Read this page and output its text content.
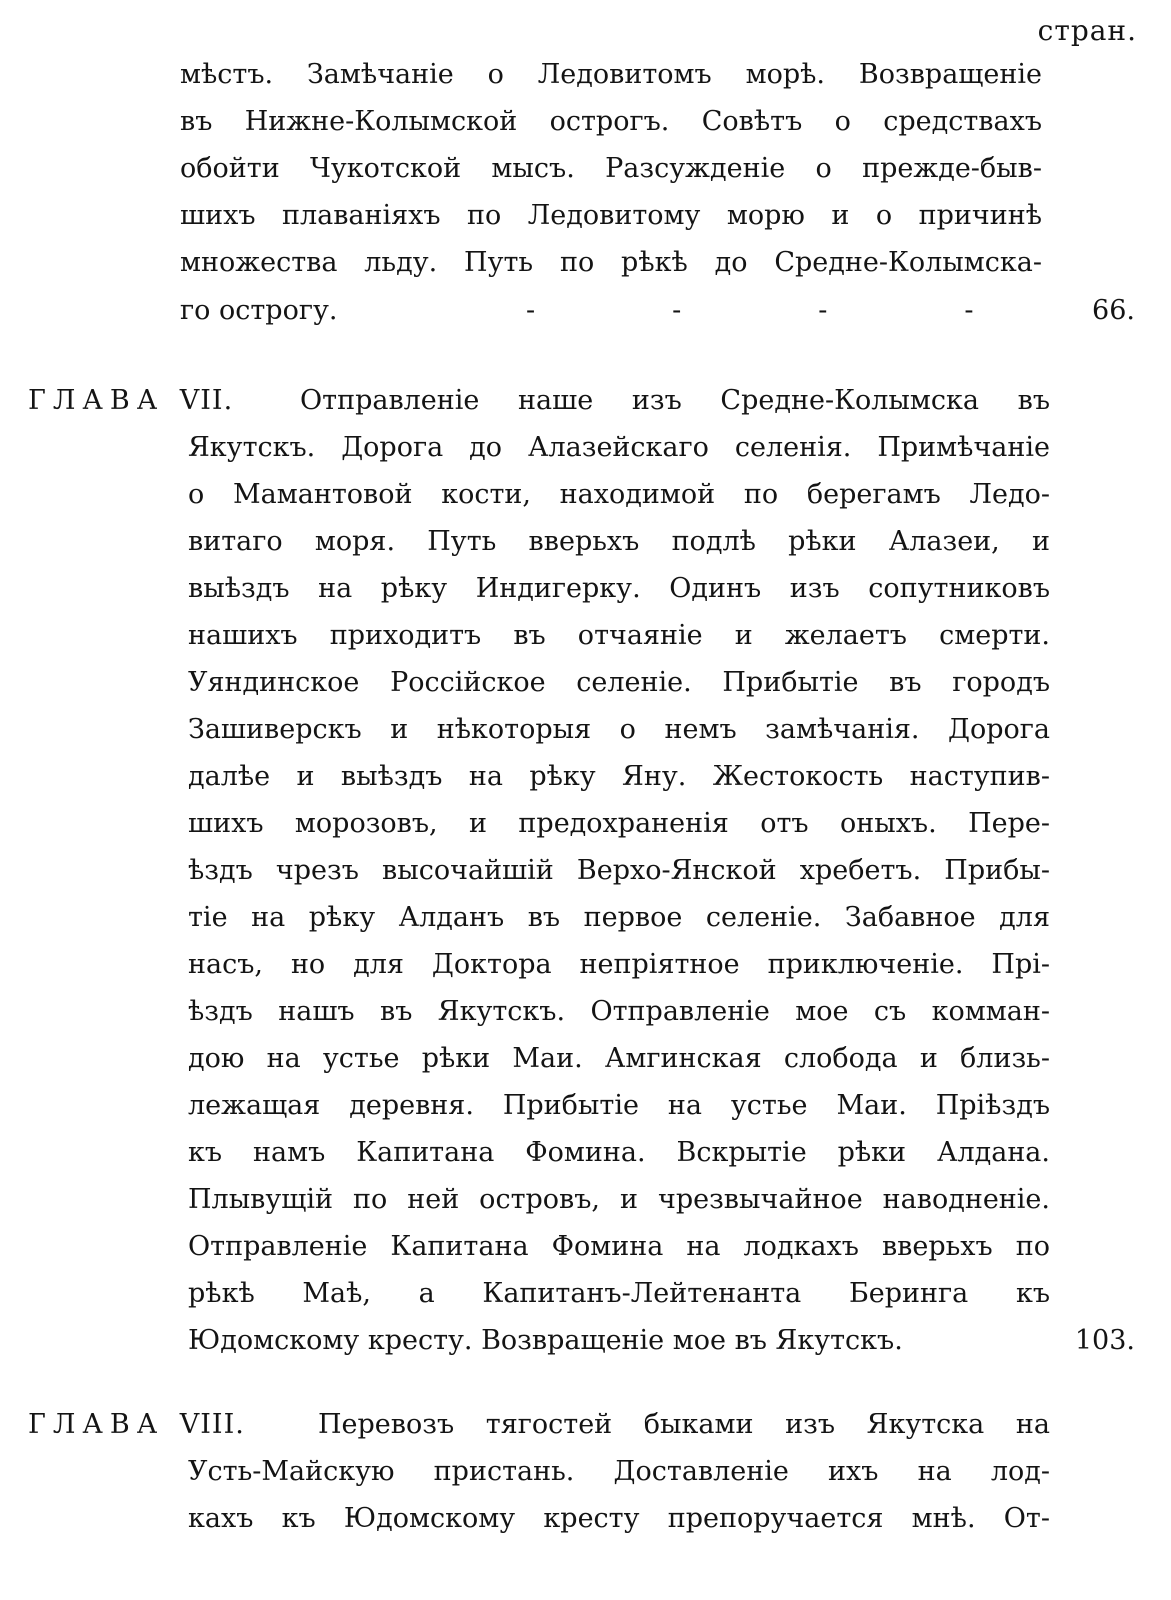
стран.
мѣстъ. Замѣчаніе о Ледовитомъ морѣ. Возвращеніе
въ Нижне-Колымской острогъ. Совѣтъ о средствахъ
обойти Чукотской мысъ. Разсужденіе о прежде-быв-
шихъ плаваніяхъ по Ледовитому морю и о причинѣ
множества льду. Путь по рѣкѣ до Средне-Колымска-
го острогу.	-	-	-	-	66.
ГЛАВА VII. Отправленіе наше изъ Средне-Колымска въ
Якутскъ. Дорога до Алазейскаго селенія. Примѣчаніе
о Мамантовой кости, находимой по берегамъ Ледо-
витаго моря. Путь вверьхъ подлѣ рѣки Алазеи, и
выѣздъ на рѣку Индигерку. Одинъ изъ сопутниковъ
нашихъ приходитъ въ отчаяніе и желаетъ смерти.
Уяндинское Россійское селеніе. Прибытіе въ городъ
Зашиверскъ и нѣкоторыя о немъ замѣчанія. Дорога
далѣе и выѣздъ на рѣку Яну. Жестокость наступив-
шихъ морозовъ, и предохраненія отъ оныхъ. Пере-
ѣздъ чрезъ высочайшій Верхо-Янской хребетъ. Прибы-
тіе на рѣку Алданъ въ первое селеніе. Забавное для
насъ, но для Доктора непріятное приключеніе. Прі-
ѣздъ нашъ въ Якутскъ. Отправленіе мое съ комман-
дою на устье рѣки Маи. Амгинская слобода и близь-
лежащая деревня. Прибытіе на устье Маи. Пріѣздъ
къ намъ Капитана Фомина. Вскрытіе рѣки Алдана.
Плывущій по ней островъ, и чрезвычайное наводненіе.
Отправленіе Капитана Фомина на лодкахъ вверьхъ по
рѣкѣ Маѣ, а Капитанъ-Лейтенанта Беринга къ
Юдомскому кресту. Возвращеніе мое въ Якутскъ.	103.
ГЛАВА VIII.	Перевозъ тягостей быками изъ Якутска на
Усть-Майскую пристань. Доставленіе ихъ на лод-
кахъ къ Юдомскому кресту препоручается мнѣ. От-
